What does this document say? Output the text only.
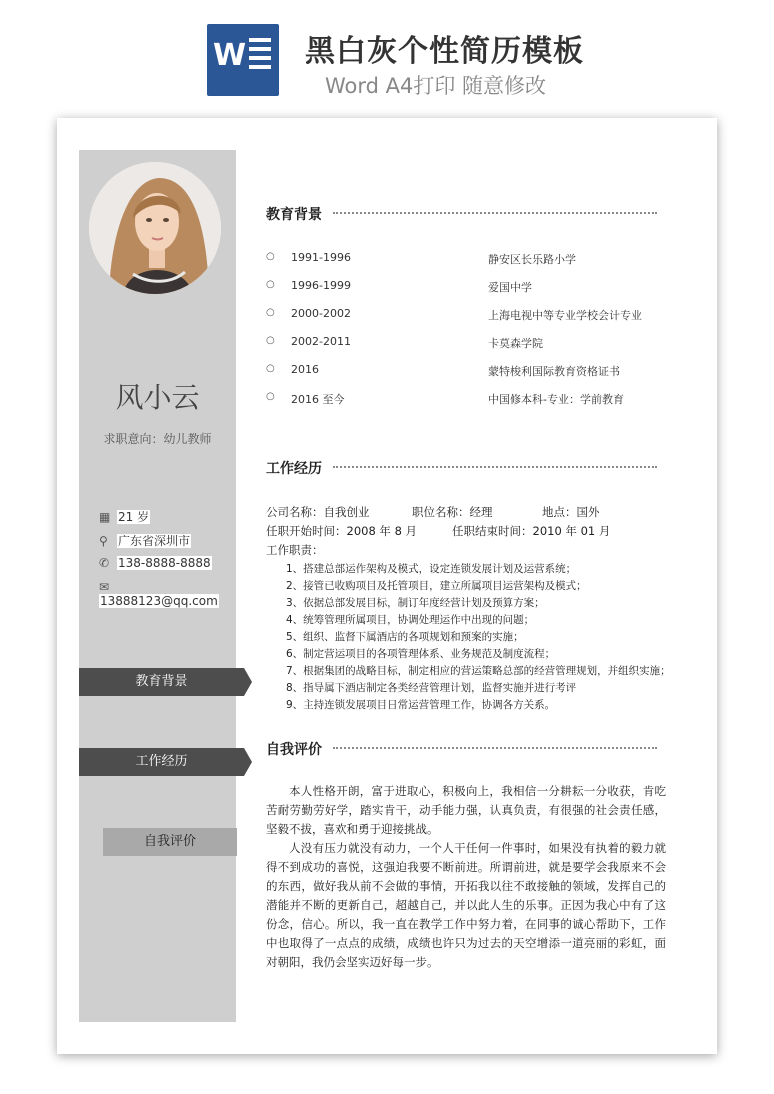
W 黑白灰个性简历模板
Word A4打印 随意修改
风小云
求职意向：幼儿教师
▦ 21 岁
⚲ 广东省深圳市
✆ 138-8888-8888
✉13888123@qq.com
教育背景
工作经历
自我评价
教育背景
○ 1991-1996	静安区长乐路小学
○ 1996-1999	爱国中学
○ 2000-2002	上海电视中等专业学校会计专业
○ 2002-2011	卡莫森学院
○ 2016	蒙特梭利国际教育资格证书
○ 2016 至今	中国修本科-专业：学前教育
工作经历
公司名称：自我创业	职位名称：经理	地点：国外
任职开始时间：2008 年 8 月	任职结束时间：2010 年 01 月
工作职责：
1、搭建总部运作架构及模式，设定连锁发展计划及运营系统；
2、接管已收购项目及托管项目，建立所属项目运营架构及模式；
3、依据总部发展目标，制订年度经营计划及预算方案；
4、统筹管理所属项目，协调处理运作中出现的问题；
5、组织、监督下属酒店的各项规划和预案的实施；
6、制定营运项目的各项管理体系、业务规范及制度流程；
7、根据集团的战略目标，制定相应的营运策略总部的经营管理规划，并组织实施；
8、指导属下酒店制定各类经营管理计划，监督实施并进行考评
9、主持连锁发展项目日常运营管理工作，协调各方关系。
自我评价

本人性格开朗，富于进取心，积极向上，我相信一分耕耘一分收获，肯吃苦耐劳勤劳好学，踏实肯干，动手能力强，认真负责，有很强的社会责任感，坚毅不拔，喜欢和勇于迎接挑战。

人没有压力就没有动力，一个人干任何一件事时，如果没有执着的毅力就得不到成功的喜悦，这强迫我要不断前进。所谓前进，就是要学会我原来不会的东西，做好我从前不会做的事情，开拓我以往不敢接触的领域，发挥自己的潜能并不断的更新自己，超越自己，并以此人生的乐事。正因为我心中有了这份念，信心。所以，我一直在教学工作中努力着，在同事的诚心帮助下，工作中也取得了一点点的成绩，成绩也许只为过去的天空增添一道亮丽的彩虹，面对朝阳，我仍会坚实迈好每一步。
